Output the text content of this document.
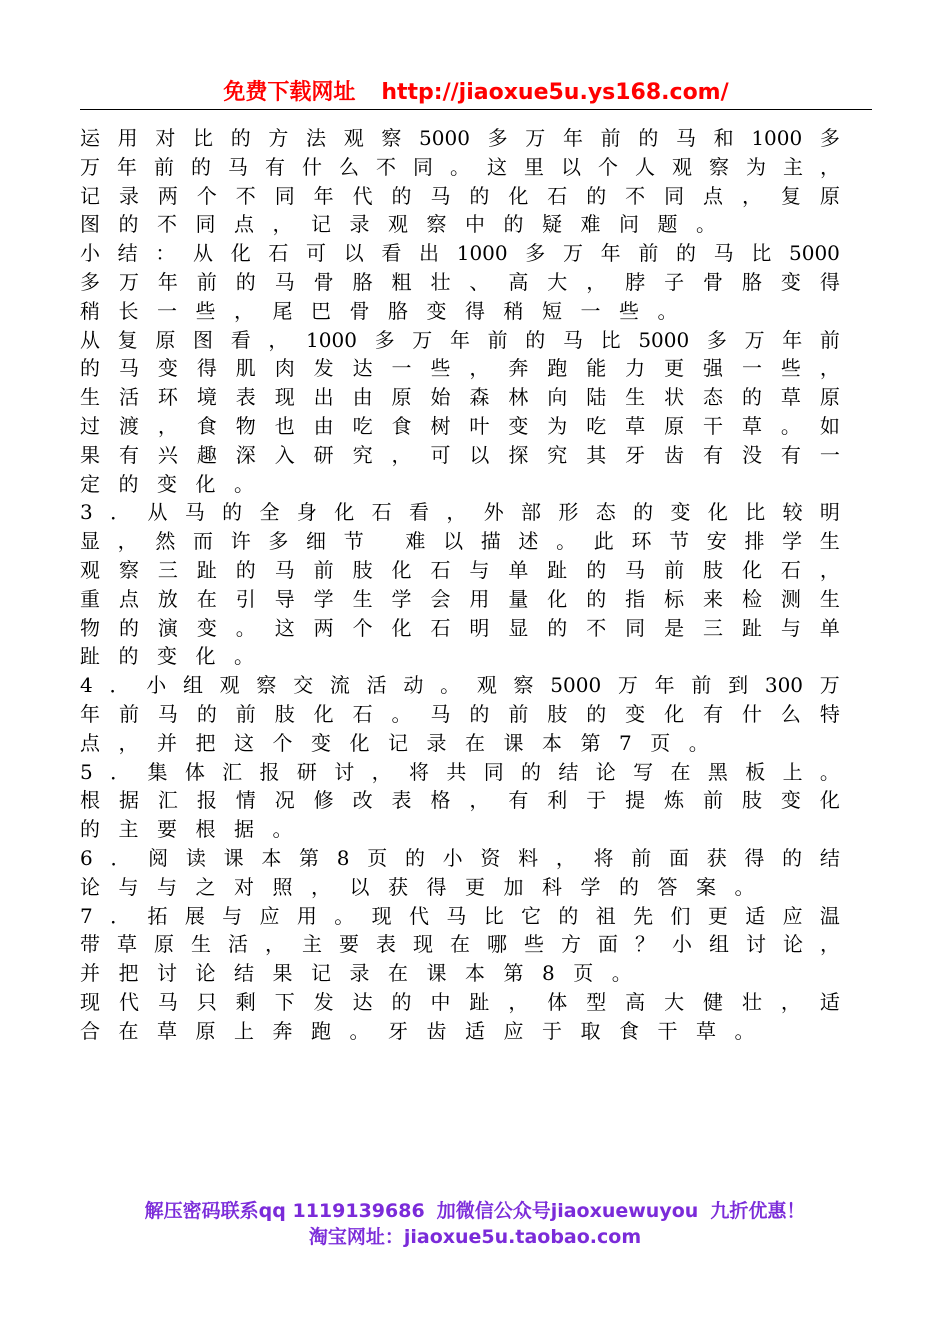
免费下载网址 http://jiaoxue5u.ys168.com/
运 用 对 比 的 方 法 观 察 5000 多 万 年 前 的 马 和 1000 多
万 年 前 的 马 有 什 么 不 同 。 这 里 以 个 人 观 察 为 主 ，
记 录 两 个 不 同 年 代 的 马 的 化 石 的 不 同 点 ， 复 原
图 的 不 同 点 ， 记 录 观 察 中 的 疑 难 问 题 。
小 结 ： 从 化 石 可 以 看 出 1000 多 万 年 前 的 马 比 5000
多 万 年 前 的 马 骨 胳 粗 壮 、 高 大 ， 脖 子 骨 胳 变 得
稍 长 一 些 ， 尾 巴 骨 胳 变 得 稍 短 一 些 。
从 复 原 图 看 ， 1000 多 万 年 前 的 马 比 5000 多 万 年 前
的 马 变 得 肌 肉 发 达 一 些 ， 奔 跑 能 力 更 强 一 些 ，
生 活 环 境 表 现 出 由 原 始 森 林 向 陆 生 状 态 的 草 原
过 渡 ， 食 物 也 由 吃 食 树 叶 变 为 吃 草 原 干 草 。 如
果 有 兴 趣 深 入 研 究 ， 可 以 探 究 其 牙 齿 有 没 有 一
定 的 变 化 。
3 ． 从 马 的 全 身 化 石 看 ， 外 部 形 态 的 变 化 比 较 明
显 ， 然 而 许 多 细 节
难 以 描 述 。 此 环 节 安 排 学 生
观 察 三 趾 的 马 前 肢 化 石 与 单 趾 的 马 前 肢 化 石 ，
重 点 放 在 引 导 学 生 学 会 用 量 化 的 指 标 来 检 测 生
物 的 演 变 。 这 两 个 化 石 明 显 的 不 同 是 三 趾 与 单
趾 的 变 化 。
4 ． 小 组 观 察 交 流 活 动 。 观 察 5000 万 年 前 到 300 万
年 前 马 的 前 肢 化 石 。 马 的 前 肢 的 变 化 有 什 么 特
点 ， 并 把 这 个 变 化 记 录 在 课 本 第 7 页 。
5 ． 集 体 汇 报 研 讨 ， 将 共 同 的 结 论 写 在 黑 板 上 。
根 据 汇 报 情 况 修 改 表 格 ， 有 利 于 提 炼 前 肢 变 化
的 主 要 根 据 。
6 ． 阅 读 课 本 第 8 页 的 小 资 料 ， 将 前 面 获 得 的 结
论 与 与 之 对 照 ， 以 获 得 更 加 科 学 的 答 案 。
7 ． 拓 展 与 应 用 。 现 代 马 比 它 的 祖 先 们 更 适 应 温
带 草 原 生 活 ， 主 要 表 现 在 哪 些 方 面 ？ 小 组 讨 论 ，
并 把 讨 论 结 果 记 录 在 课 本 第 8 页 。
现 代 马 只 剩 下 发 达 的 中 趾 ， 体 型 高 大 健 壮 ， 适
合 在 草 原 上 奔 跑 。 牙 齿 适 应 于 取 食 干 草 。
解压密码联系qq 1119139686 加微信公众号jiaoxuewuyou 九折优惠！
淘宝网址：jiaoxue5u.taobao.com
